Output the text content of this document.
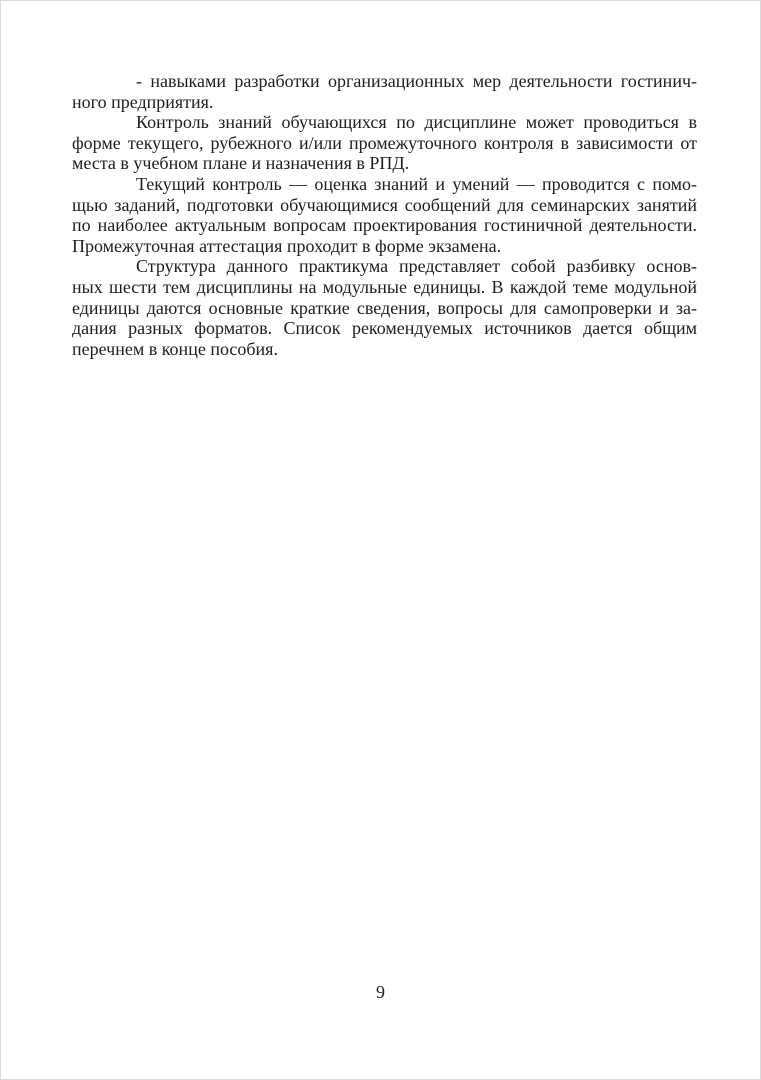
- навыками разработки организационных мер деятельности гостинич-
ного предприятия.
Контроль знаний обучающихся по дисциплине может проводиться в
форме текущего, рубежного и/или промежуточного контроля в зависимости от
места в учебном плане и назначения в РПД.
Текущий контроль — оценка знаний и умений — проводится с помо-
щью заданий, подготовки обучающимися сообщений для семинарских занятий
по наиболее актуальным вопросам проектирования гостиничной деятельности.
Промежуточная аттестация проходит в форме экзамена.
Структура данного практикума представляет собой разбивку основ-
ных шести тем дисциплины на модульные единицы. В каждой теме модульной
единицы даются основные краткие сведения, вопросы для самопроверки и за-
дания разных форматов. Список рекомендуемых источников дается общим
перечнем в конце пособия.
9
